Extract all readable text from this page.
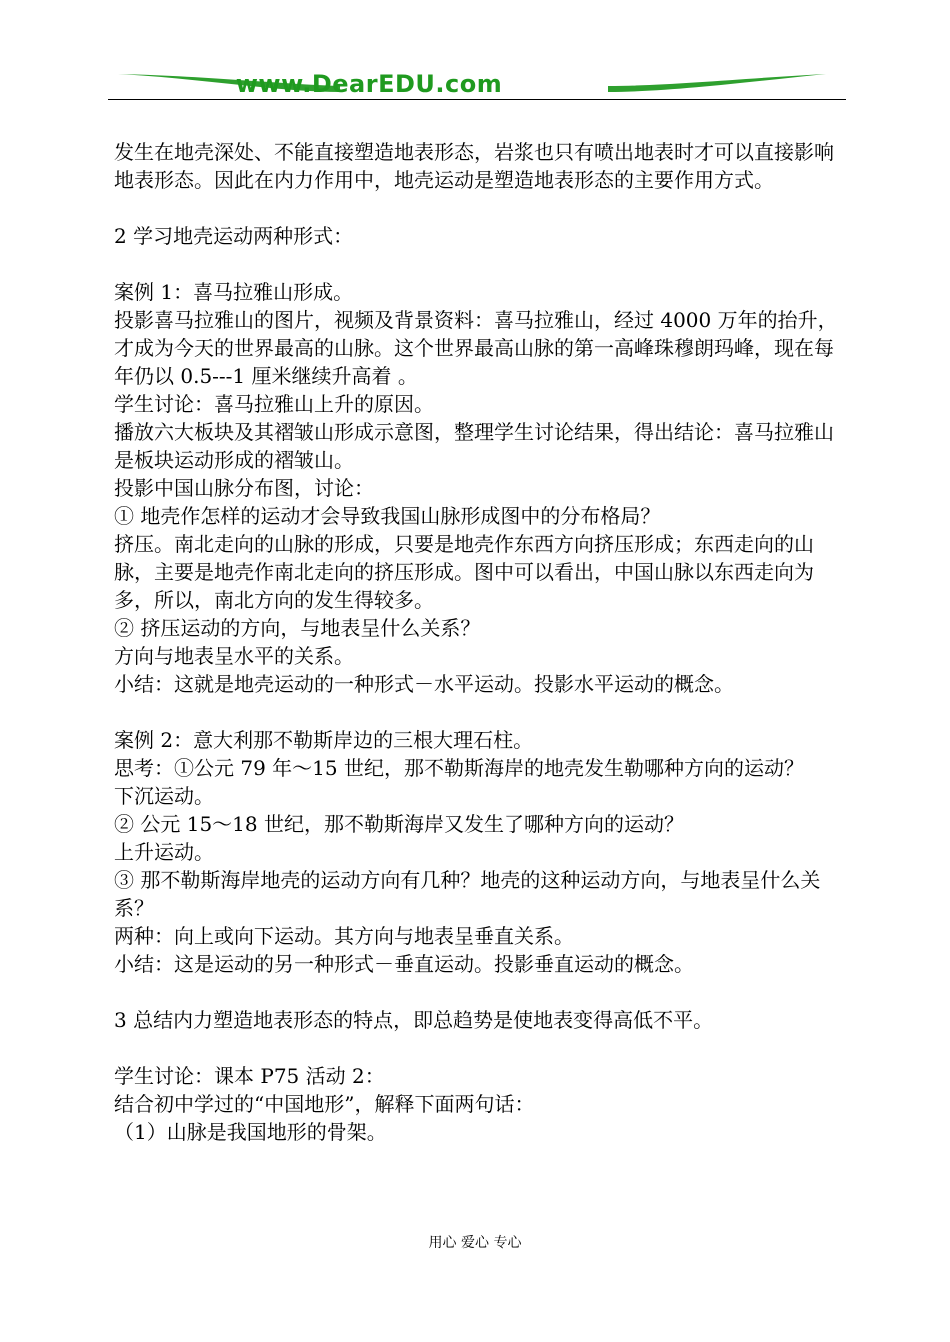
www.DearEDU.com

发生在地壳深处、不能直接塑造地表形态，岩浆也只有喷出地表时才可以直接影响地表形态。因此在内力作用中，地壳运动是塑造地表形态的主要作用方式。

2 学习地壳运动两种形式：

案例 1：喜马拉雅山形成。

投影喜马拉雅山的图片，视频及背景资料：喜马拉雅山，经过 4000 万年的抬升，才成为今天的世界最高的山脉。这个世界最高山脉的第一高峰珠穆朗玛峰，现在每年仍以 0.5---1 厘米继续升高着 。

学生讨论：喜马拉雅山上升的原因。

播放六大板块及其褶皱山形成示意图，整理学生讨论结果，得出结论：喜马拉雅山是板块运动形成的褶皱山。

投影中国山脉分布图，讨论：

① 地壳作怎样的运动才会导致我国山脉形成图中的分布格局？

挤压。南北走向的山脉的形成，只要是地壳作东西方向挤压形成；东西走向的山脉，主要是地壳作南北走向的挤压形成。图中可以看出，中国山脉以东西走向为多，所以，南北方向的发生得较多。

② 挤压运动的方向，与地表呈什么关系？

方向与地表呈水平的关系。

小结：这就是地壳运动的一种形式－水平运动。投影水平运动的概念。

案例 2：意大利那不勒斯岸边的三根大理石柱。

思考：①公元 79 年～15 世纪，那不勒斯海岸的地壳发生勒哪种方向的运动？

下沉运动。

② 公元 15～18 世纪，那不勒斯海岸又发生了哪种方向的运动？

上升运动。

③ 那不勒斯海岸地壳的运动方向有几种？地壳的这种运动方向，与地表呈什么关系？

两种：向上或向下运动。其方向与地表呈垂直关系。

小结：这是运动的另一种形式－垂直运动。投影垂直运动的概念。

3 总结内力塑造地表形态的特点，即总趋势是使地表变得高低不平。

学生讨论：课本 P75 活动 2：

结合初中学过的“中国地形”，解释下面两句话：

（1）山脉是我国地形的骨架。

用心 爱心 专心
